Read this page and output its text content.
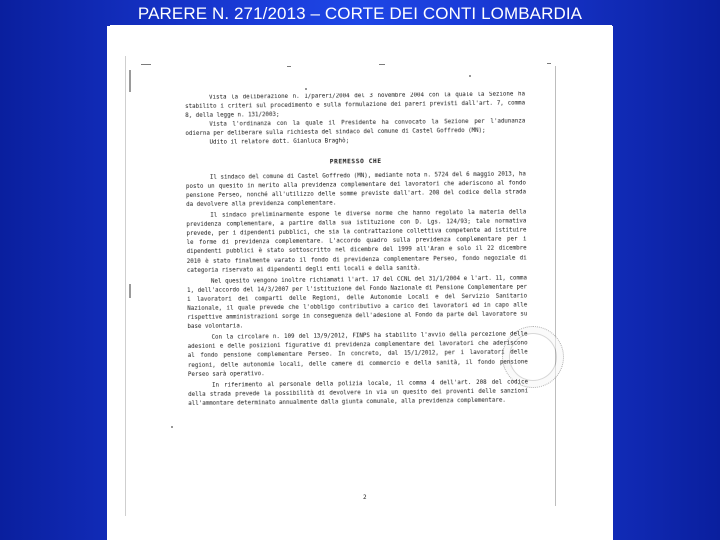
PARERE N. 271/2013 – CORTE DEI CONTI LOMBARDIA

Vista la deliberazione n. 1/pareri/2004 del 3 novembre 2004 con la quale la Sezione ha stabilito i criteri sul procedimento e sulla formulazione dei pareri previsti dall'art. 7, comma 8, della legge n. 131/2003;

Vista l'ordinanza con la quale il Presidente ha convocato la Sezione per l'adunanza odierna per deliberare sulla richiesta del sindaco del comune di Castel Goffredo (MN);

Udito il relatore dott. Gianluca Braghò;

PREMESSO CHE

Il sindaco del comune di Castel Goffredo (MN), mediante nota n. 5724 del 6 maggio 2013, ha posto un quesito in merito alla previdenza complementare dei lavoratori che aderiscono al fondo pensione Perseo, nonché all'utilizzo delle somme previste dall'art. 208 del codice della strada da devolvere alla previdenza complementare.

Il sindaco preliminarmente espone le diverse norme che hanno regolato la materia della previdenza complementare, a partire dalla sua istituzione con D. Lgs. 124/93; tale normativa prevede, per i dipendenti pubblici, che sia la contrattazione collettiva competente ad istituire le forme di previdenza complementare. L'accordo quadro sulla previdenza complementare per i dipendenti pubblici è stato sottoscritto nel dicembre del 1999 all'Aran e solo il 22 dicembre 2010 è stato finalmente varato il fondo di previdenza complementare Perseo, fondo negoziale di categoria riservato ai dipendenti degli enti locali e della sanità.

Nel quesito vengono inoltre richiamati l'art. 17 del CCNL del 31/1/2004 e l'art. 11, comma 1, dell'accordo del 14/3/2007 per l'istituzione del Fondo Nazionale di Pensione Complementare per i lavoratori dei comparti delle Regioni, delle Autonomie Locali e del Servizio Sanitario Nazionale, il quale prevede che l'obbligo contributivo a carico dei lavoratori ed in capo alle rispettive amministrazioni sorge in conseguenza dell'adesione al Fondo da parte del lavoratore su base volontaria.

Con la circolare n. 109 del 13/9/2012, FINPS ha stabilito l'avvio della percezione delle adesioni e delle posizioni figurative di previdenza complementare dei lavoratori che aderiscono al fondo pensione complementare Perseo. In concreto, dal 15/1/2012, per i lavoratori delle regioni, delle autonomie locali, delle camere di commercio e della sanità, il fondo pensione Perseo sarà operativo.

In riferimento al personale della polizia locale, il comma 4 dell'art. 208 del codice della strada prevede la possibilità di devolvere in via un quesito dei proventi delle sanzioni all'ammontare determinato annualmente dalla giunta comunale, alla previdenza complementare.

2
